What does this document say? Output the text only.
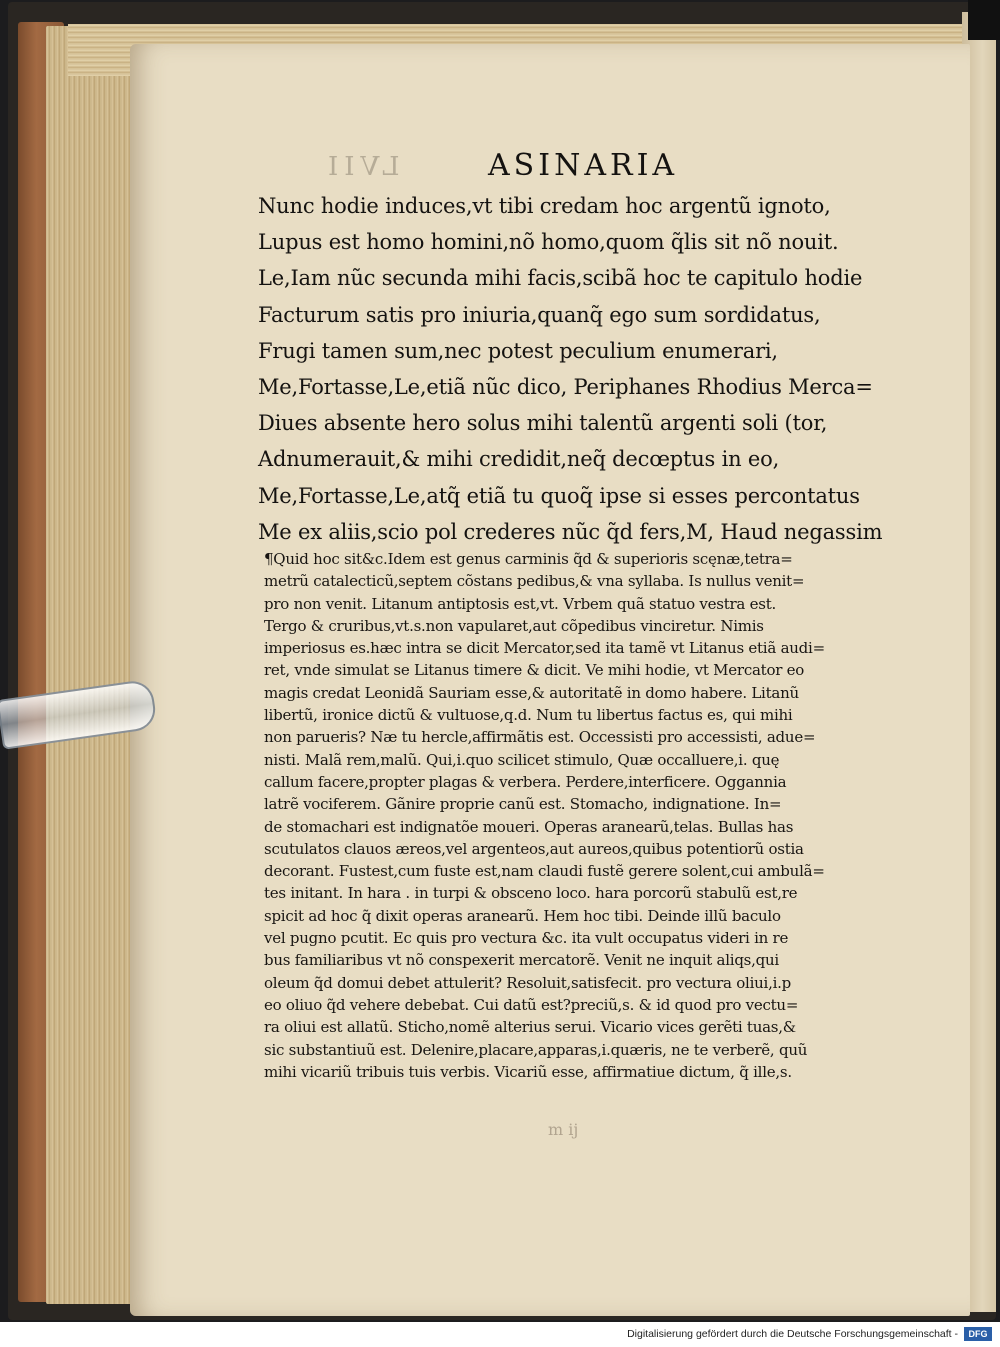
LVII	ASINARIA
Nunc hodie induces,vt tibi credam hoc argentũ ignoto,
Lupus est homo homini,nõ homo,quom q̃lis sit nõ nouit.
Le,Iam nũc secunda mihi facis,scibã hoc te capitulo hodie
Facturum satis pro iniuria,quanq̃ ego sum sordidatus,
Frugi tamen sum,nec potest peculium enumerari,
Me,Fortasse,Le,etiã nũc dico, Periphanes Rhodius Merca=
Diues absente hero solus mihi talentũ argenti soli (tor,
Adnumerauit,& mihi credidit,neq̃ decœptus in eo,
Me,Fortasse,Le,atq̃ etiã tu quoq̃ ipse si esses percontatus
Me ex aliis,scio pol crederes nũc q̃d fers,M, Haud negassim
¶Quid hoc sit&c.Idem est genus carminis q̃d & superioris scęnæ,tetra=
metrũ catalecticũ,septem cõstans pedibus,& vna syllaba. Is nullus venit=
pro non venit. Litanum antiptosis est,vt. Vrbem quã statuo vestra est.
Tergo & cruribus,vt.s.non vapularet,aut cõpedibus vinciretur. Nimis
imperiosus es.hæc intra se dicit Mercator,sed ita tamẽ vt Litanus etiã audi=
ret, vnde simulat se Litanus timere & dicit. Ve mihi hodie, vt Mercator eo
magis credat Leonidã Sauriam esse,& autoritatẽ in domo habere. Litanũ
libertũ, ironice dictũ & vultuose,q.d. Num tu libertus factus es, qui mihi
non parueris? Næ tu hercle,affirmãtis est. Occessisti pro accessisti, adue=
nisti. Malã rem,malũ. Qui,i.quo scilicet stimulo, Quæ occalluere,i. quę
callum facere,propter plagas & verbera. Perdere,interficere. Oggannia
latrẽ vociferem. Gãnire proprie canũ est. Stomacho, indignatione. In=
de stomachari est indignatõe moueri. Operas aranearũ,telas. Bullas has
scutulatos clauos æreos,vel argenteos,aut aureos,quibus potentiorũ ostia
decorant. Fustest,cum fuste est,nam claudi fustẽ gerere solent,cui ambulã=
tes initant. In hara . in turpi & obsceno loco. hara porcorũ stabulũ est,re
spicit ad hoc q̃ dixit operas aranearũ. Hem hoc tibi. Deinde illũ baculo
vel pugno pcutit. Ec quis pro vectura &c. ita vult occupatus videri in re
bus familiaribus vt nõ conspexerit mercatorẽ. Venit ne inquit aliqs,qui
oleum q̃d domui debet attulerit? Resoluit,satisfecit. pro vectura oliui,i.p
eo oliuo q̃d vehere debebat. Cui datũ est?preciũ,s. & id quod pro vectu=
ra oliui est allatũ. Sticho,nomẽ alterius serui. Vicario vices gerẽti tuas,&
sic substantiuũ est. Delenire,placare,apparas,i.quæris, ne te verberẽ, quũ
mihi vicariũ tribuis tuis verbis. Vicariũ esse, affirmatiue dictum, q̃ ille,s.
m ij
Digitalisierung gefördert durch die Deutsche Forschungsgemeinschaft -	DFG
